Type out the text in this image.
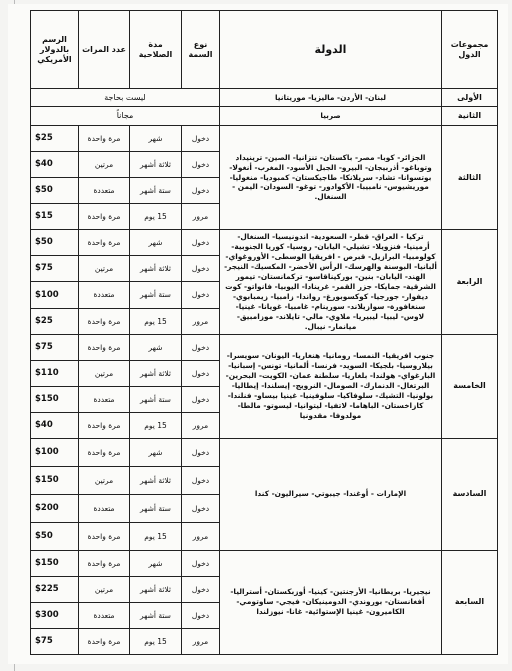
مجموعات الدول	الدولة	نوع السمة	مدة الصلاحية	عدد المرات	الرسم بالدولار الأمريكي
الأولى	لبنان- الأردن- ماليزيا- موريتانيا	ليست بحاجة			
الثانية	صربيا	مجاناً			
الثالثة	الجزائر- كوبا- مصر- باكستان- تنزانيا- الصين- ترينيداد وتوباغو- أذربيجان- البيرو- الجبل الأسود- المغرب- أنغولا- بوتسوانا- تشاد- سريلانكا- طاجيكستان- كمبوديا- منغوليا- موريشيوس- نامبيبا- الأكوادور- توغو- السودان- اليمن - السنغال.	دخول	شهر	مرة واحدة	$25
		دخول	ثلاثة أشهر	مرتين	$40
		دخول	ستة أشهر	متعددة	$50
		مرور	15 يوم	مرة واحدة	$15
الرابعة	تركيا - العراق- قطر- السعودية- اندونيسيا- السنغال- أرمينيا- فنزويلا- تشيلي- اليابان- روسيا- كوريا الجنوبية- كولومبيا- البرازيل- قبرص - افريقيا الوسطى- الأوروغواي- ألبانيا- البوسنة والهرسك- الرأس الأخضر- المكسيك- النيجر- الهند- اليابان- بنين- بوركيناقاسو- تركمانستان- تيمور الشرقية- جمايكا- جزر القمر- غرينادا- اليوبيا- فانواتو- كوت ديفوار- جورجيا- كوكسوبورغ- رواندا- زامبيا- زيمبابوي- سنغافورة- سوازيلاند- سورينام- غامبيا- غويانا- غينيا- لاوس- ليبيا- ليبيريا- ملاوي- مالي- تايلاند- موزامبيق- ميانمار- نيبال.	دخول	شهر	مرة واحدة	$50
		دخول	ثلاثة أشهر	مرتين	$75
		دخول	ستة أشهر	متعددة	$100
		مرور	15 يوم	مرة واحدة	$25
الخامسة	جنوب افريقيا- النمسا- رومانيا- هنغاريا- اليونان- سويسرا- بيلاروسيا- بلجيكا- السويد- فرنسا- ألمانيا- تونس- إسبانيا- البارغواي- هولندا- بلغاريا- سلطنة عمان- الكويت- البحرين- البرتغال- الدنمارك- الصومال- النرويج- إيسلندا- إيطاليا- بولونيا- التشيك- سلوفاكيا- سلوفينيا- غينيا بيساو- فنلندا- كازاخستان- الباهاما- لاتفيا- ليتوانيا- ليسوتو- مالطا- مولدوفا- مقدونيا	دخول	شهر	مرة واحدة	$75
		دخول	ثلاثة أشهر	مرتين	$110
		دخول	ستة أشهر	متعددة	$150
		مرور	15 يوم	مرة واحدة	$40
السادسة	الإمارات - أوغندا- جيبوتي- سيراليون- كندا	دخول	شهر	مرة واحدة	$100
		دخول	ثلاثة أشهر	مرتين	$150
		دخول	ستة أشهر	متعددة	$200
		مرور	15 يوم	مرة واحدة	$50
السابعة	نيجيريا- بريطانيا- الأرجنتين- كينيا- أوزبكستان- أستراليا- أفغانستان- بوروندي- الدومينيكان- فيجي- ساوتومي- الكاميرون- غينيا الإستوائية- غانا- نيوزلندا	دخول	شهر	مرة واحدة	$150
		دخول	ثلاثة أشهر	مرتين	$225
		دخول	ستة أشهر	متعددة	$300
		مرور	15 يوم	مرة واحدة	$75
